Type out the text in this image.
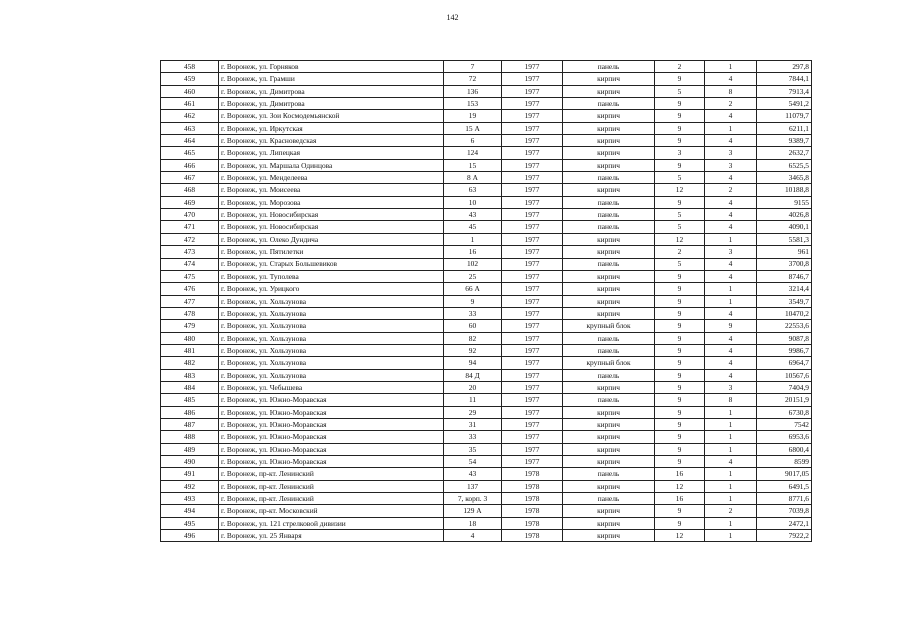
142
458	г. Воронеж, ул. Горняков	7	1977	панель	2	1	297,8
459	г. Воронеж, ул. Грамши	72	1977	кирпич	9	4	7844,1
460	г. Воронеж, ул. Димитрова	136	1977	кирпич	5	8	7913,4
461	г. Воронеж, ул. Димитрова	153	1977	панель	9	2	5491,2
462	г. Воронеж, ул. Зои Космодемьянской	19	1977	кирпич	9	4	11079,7
463	г. Воронеж, ул. Иркутская	15 А	1977	кирпич	9	1	6211,1
464	г. Воронеж, ул. Красноведская	6	1977	кирпич	9	4	9389,7
465	г. Воронеж, ул. Липецкая	124	1977	кирпич	3	3	2632,7
466	г. Воронеж, ул. Маршала Одинцова	15	1977	кирпич	9	3	6525,5
467	г. Воронеж, ул. Менделеева	8 А	1977	панель	5	4	3465,8
468	г. Воронеж, ул. Моисеева	63	1977	кирпич	12	2	10188,8
469	г. Воронеж, ул. Морозова	10	1977	панель	9	4	9155
470	г. Воронеж, ул. Новосибирская	43	1977	панель	5	4	4026,8
471	г. Воронеж, ул. Новосибирская	45	1977	панель	5	4	4090,1
472	г. Воронеж, ул. Олеко Дундича	1	1977	кирпич	12	1	5581,3
473	г. Воронеж, ул. Пятилетки	16	1977	кирпич	2	3	961
474	г. Воронеж, ул. Старых Большевиков	102	1977	панель	5	4	3700,8
475	г. Воронеж, ул. Туполева	25	1977	кирпич	9	4	8746,7
476	г. Воронеж, ул. Урицкого	66 А	1977	кирпич	9	1	3214,4
477	г. Воронеж, ул. Хользунова	9	1977	кирпич	9	1	3549,7
478	г. Воронеж, ул. Хользунова	33	1977	кирпич	9	4	10470,2
479	г. Воронеж, ул. Хользунова	60	1977	крупный блок	9	9	22553,6
480	г. Воронеж, ул. Хользунова	82	1977	панель	9	4	9087,8
481	г. Воронеж, ул. Хользунова	92	1977	панель	9	4	9986,7
482	г. Воронеж, ул. Хользунова	94	1977	крупный блок	9	4	6964,7
483	г. Воронеж, ул. Хользунова	84 Д	1977	панель	9	4	10567,6
484	г. Воронеж, ул. Чебышева	20	1977	кирпич	9	3	7404,9
485	г. Воронеж, ул. Южно-Моравская	11	1977	панель	9	8	20151,9
486	г. Воронеж, ул. Южно-Моравская	29	1977	кирпич	9	1	6730,8
487	г. Воронеж, ул. Южно-Моравская	31	1977	кирпич	9	1	7542
488	г. Воронеж, ул. Южно-Моравская	33	1977	кирпич	9	1	6953,6
489	г. Воронеж, ул. Южно-Моравская	35	1977	кирпич	9	1	6800,4
490	г. Воронеж, ул. Южно-Моравская	54	1977	кирпич	9	4	8599
491	г. Воронеж, пр-кт. Ленинский	43	1978	панель	16	1	9017,05
492	г. Воронеж, пр-кт. Ленинский	137	1978	кирпич	12	1	6491,5
493	г. Воронеж, пр-кт. Ленинский	7, корп. 3	1978	панель	16	1	8771,6
494	г. Воронеж, пр-кт. Московский	129 А	1978	кирпич	9	2	7039,8
495	г. Воронеж, ул. 121 стрелковой дивизии	18	1978	кирпич	9	1	2472,1
496	г. Воронеж, ул. 25 Января	4	1978	кирпич	12	1	7922,2
